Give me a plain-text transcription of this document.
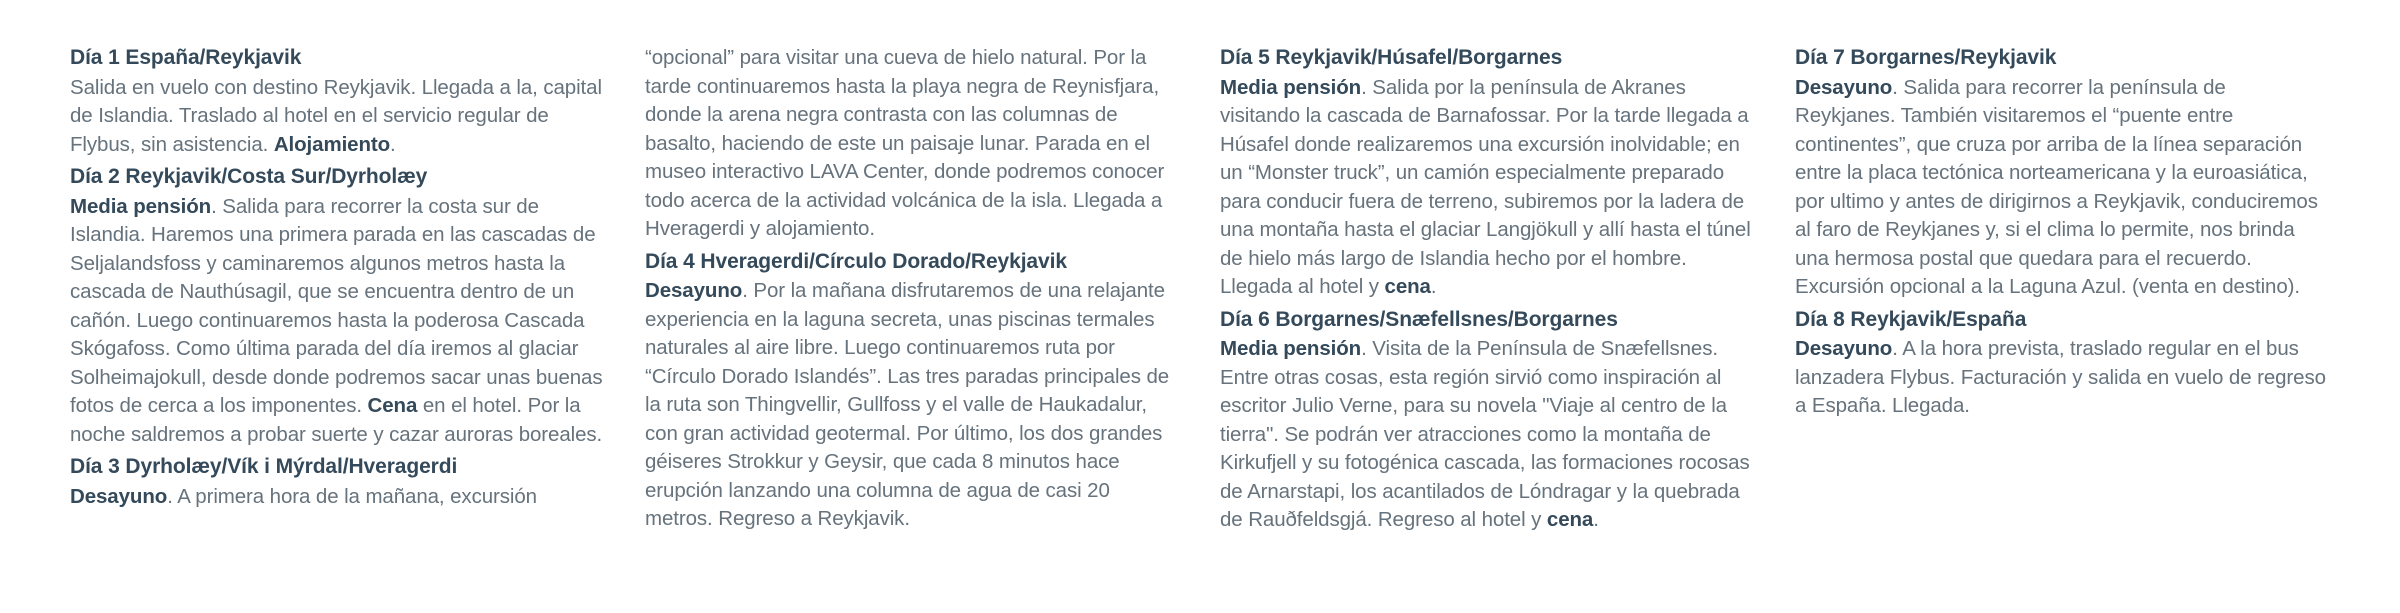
Día 1 España/Reykjavik

Salida en vuelo con destino Reykjavik. Llegada a la, capital de Islandia. Traslado al hotel en el servicio regular de Flybus, sin asistencia. Alojamiento.

Día 2 Reykjavik/Costa Sur/Dyrholæy

Media pensión. Salida para recorrer la costa sur de Islandia. Haremos una primera parada en las cascadas de Seljalandsfoss y caminaremos algunos metros hasta la cascada de Nauthúsagil, que se encuentra dentro de un cañón. Luego continuaremos hasta la poderosa Cascada Skógafoss. Como última parada del día iremos al glaciar Solheimajokull, desde donde podremos sacar unas buenas fotos de cerca a los imponentes. Cena en el hotel. Por la noche saldremos a probar suerte y cazar auroras boreales.

Día 3 Dyrholæy/Vík i Mýrdal/Hveragerdi

Desayuno. A primera hora de la mañana, excursión

“opcional” para visitar una cueva de hielo natural. Por la tarde continuaremos hasta la playa negra de Reynisfjara, donde la arena negra contrasta con las columnas de basalto, haciendo de este un paisaje lunar. Parada en el museo interactivo LAVA Center, donde podremos conocer todo acerca de la actividad volcánica de la isla. Llegada a Hveragerdi y alojamiento.

Día 4 Hveragerdi/Círculo Dorado/Reykjavik

Desayuno. Por la mañana disfrutaremos de una relajante experiencia en la laguna secreta, unas piscinas termales naturales al aire libre. Luego continuaremos ruta por “Círculo Dorado Islandés”. Las tres paradas principales de la ruta son Thingvellir, Gullfoss y el valle de Haukadalur, con gran actividad geotermal. Por último, los dos grandes géiseres Strokkur y Geysir, que cada 8 minutos hace erupción lanzando una columna de agua de casi 20 metros. Regreso a Reykjavik.

Día 5 Reykjavik/Húsafel/Borgarnes

Media pensión. Salida por la península de Akranes visitando la cascada de Barnafossar. Por la tarde llegada a Húsafel donde realizaremos una excursión inolvidable; en un “Monster truck”, un camión especialmente preparado para conducir fuera de terreno, subiremos por la ladera de una montaña hasta el glaciar Langjökull y allí hasta el túnel de hielo más largo de Islandia hecho por el hombre. Llegada al hotel y cena.

Día 6 Borgarnes/Snæfellsnes/Borgarnes

Media pensión. Visita de la Península de Snæfellsnes. Entre otras cosas, esta región sirvió como inspiración al escritor Julio Verne, para su novela "Viaje al centro de la tierra". Se podrán ver atracciones como la montaña de Kirkufjell y su fotogénica cascada, las formaciones rocosas de Arnarstapi, los acantilados de Lóndragar y la quebrada de Rauðfeldsgjá. Regreso al hotel y cena.

Día 7 Borgarnes/Reykjavik

Desayuno. Salida para recorrer la península de Reykjanes. También visitaremos el “puente entre continentes”, que cruza por arriba de la línea separación entre la placa tectónica norteamericana y la euroasiática, por ultimo y antes de dirigirnos a Reykjavik, conduciremos al faro de Reykjanes y, si el clima lo permite, nos brinda una hermosa postal que quedara para el recuerdo. Excursión opcional a la Laguna Azul. (venta en destino).

Día 8 Reykjavik/España

Desayuno. A la hora prevista, traslado regular en el bus lanzadera Flybus. Facturación y salida en vuelo de regreso a España. Llegada.
